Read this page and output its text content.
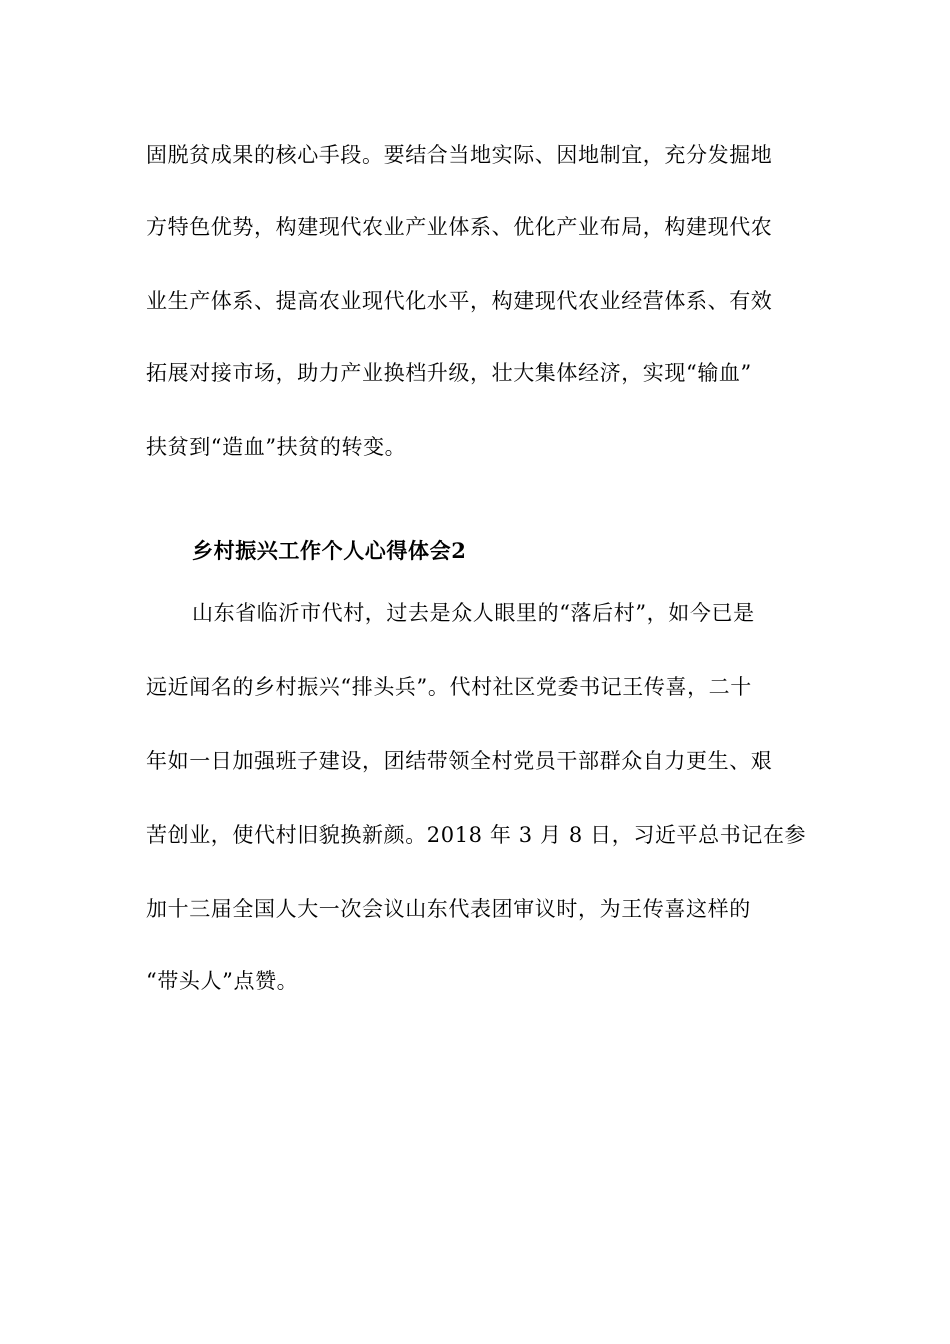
固脱贫成果的核心手段。要结合当地实际、因地制宜，充分发掘地
方特色优势，构建现代农业产业体系、优化产业布局，构建现代农
业生产体系、提高农业现代化水平，构建现代农业经营体系、有效
拓展对接市场，助力产业换档升级，壮大集体经济，实现“输血”
扶贫到“造血”扶贫的转变。
乡村振兴工作个人心得体会2
山东省临沂市代村，过去是众人眼里的“落后村”，如今已是
远近闻名的乡村振兴“排头兵”。代村社区党委书记王传喜，二十
年如一日加强班子建设，团结带领全村党员干部群众自力更生、艰
苦创业，使代村旧貌换新颜。2018 年 3 月 8 日，习近平总书记在参
加十三届全国人大一次会议山东代表团审议时，为王传喜这样的
“带头人”点赞。
